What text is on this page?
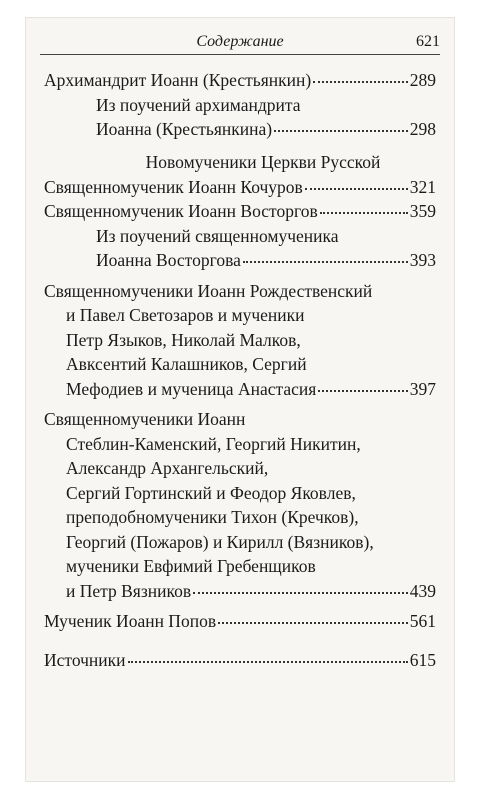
Содержание	621
Архимандрит Иоанн (Крестьянкин)	289
Из поучений архимандрита
Иоанна (Крестьянкина)	298
Новомученики Церкви Русской
Священномученик Иоанн Кочуров	321
Священномученик Иоанн Восторгов	359
Из поучений священномученика
Иоанна Восторгова	393
Священномученики Иоанн Рождественский
и Павел Светозаров и мученики
Петр Языков, Николай Малков,
Авксентий Калашников, Сергий
Мефодиев и мученица Анастасия	397
Священномученики Иоанн
Стеблин-Каменский, Георгий Никитин,
Александр Архангельский,
Сергий Гортинский и Феодор Яковлев,
преподобномученики Тихон (Кречков),
Георгий (Пожаров) и Кирилл (Вязников),
мученики Евфимий Гребенщиков
и Петр Вязников	439
Мученик Иоанн Попов	561
Источники	615
